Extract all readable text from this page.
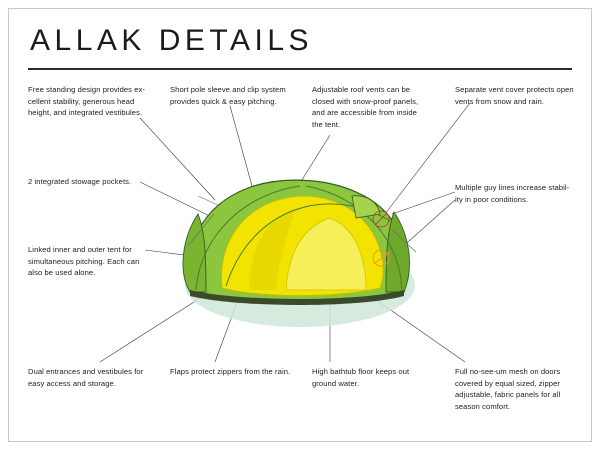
ALLAK DETAILS
Free standing design provides ex-
cellent stability, generous head
height, and integrated vestibules.
Short pole sleeve and clip system
provides quick & easy pitching.
Adjustable roof vents can be
closed with snow-proof panels,
and are accessible from inside
the tent.
Separate vent cover protects open
vents from snow and rain.
2 integrated stowage pockets.
Multiple guy lines increase stabil-
ity in poor conditions.
Linked inner and outer tent for
simultaneous pitching. Each can
also be used alone.
Dual entrances and vestibules for
easy access and storage.
Flaps protect zippers from the rain.	High bathtub floor keeps out
ground water.
Full no-see-um mesh on doors
covered by equal sized, zipper
adjustable, fabric panels for all
season comfort.
